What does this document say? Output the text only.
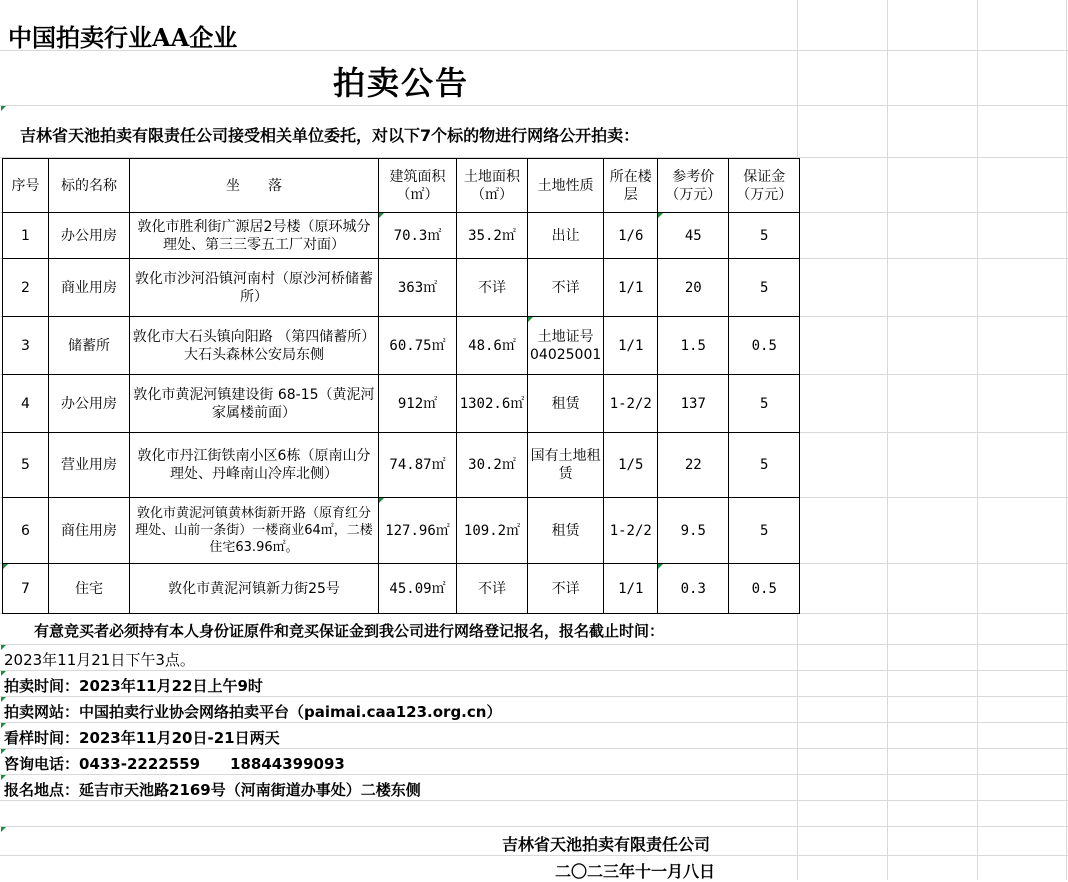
中国拍卖行业AA企业
拍卖公告
吉林省天池拍卖有限责任公司接受相关单位委托，对以下7个标的物进行网络公开拍卖：
序号	标的名称	坐　　落	建筑面积（㎡）	土地面积（㎡）	土地性质	所在楼层	参考价（万元）	保证金（万元）
1	办公用房	敦化市胜利街广源居2号楼（原环城分理处、第三三零五工厂对面）	70.3㎡	35.2㎡	出让	1/6	45	5
2	商业用房	敦化市沙河沿镇河南村（原沙河桥储蓄所）	363㎡	不详	不详	1/1	20	5
3	储蓄所	敦化市大石头镇向阳路 （第四储蓄所）大石头森林公安局东侧	60.75㎡	48.6㎡	土地证号04025001	1/1	1.5	0.5
4	办公用房	敦化市黄泥河镇建设街 68-15（黄泥河家属楼前面）	912㎡	1302.6㎡	租赁	1-2/2	137	5
5	营业用房	敦化市丹江街铁南小区6栋（原南山分理处、丹峰南山冷库北侧）	74.87㎡	30.2㎡	国有土地租赁	1/5	22	5
6	商住用房	敦化市黄泥河镇黄林街新开路（原育红分理处、山前一条街）一楼商业64㎡，二楼住宅63.96㎡。	127.96㎡	109.2㎡	租赁	1-2/2	9.5	5
7	住宅	敦化市黄泥河镇新力街25号	45.09㎡	不详	不详	1/1	0.3	0.5
有意竞买者必须持有本人身份证原件和竞买保证金到我公司进行网络登记报名，报名截止时间：
2023年11月21日下午3点。
拍卖时间：2023年11月22日上午9时
拍卖网站：中国拍卖行业协会网络拍卖平台（paimai.caa123.org.cn）
看样时间：2023年11月20日-21日两天
咨询电话：0433-2222559　　18844399093
报名地点：延吉市天池路2169号（河南街道办事处）二楼东侧
吉林省天池拍卖有限责任公司
二〇二三年十一月八日
